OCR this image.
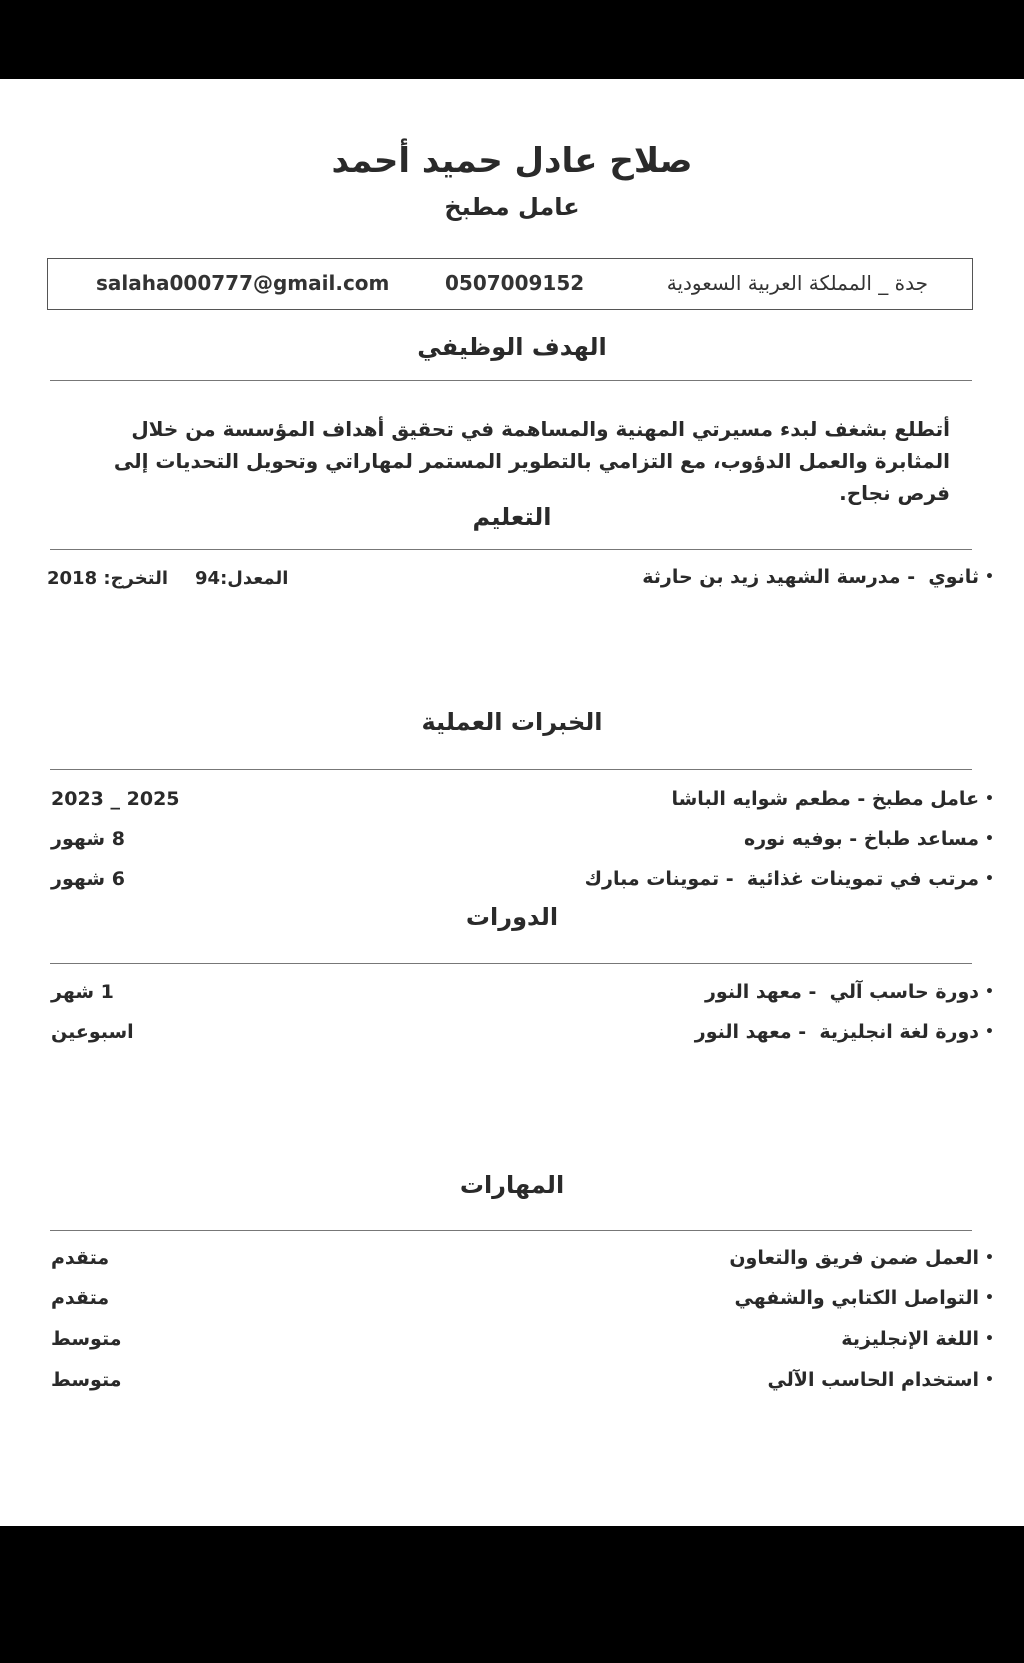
صلاح عادل حميد أحمد
عامل مطبخ
salaha000777@gmail.com	0507009152	جدة _ المملكة العربية السعودية
الهدف الوظيفي
أتطلع بشغف لبدء مسيرتي المهنية والمساهمة في تحقيق أهداف المؤسسة من خلال المثابرة والعمل الدؤوب، مع التزامي بالتطوير المستمر لمهاراتي وتحويل التحديات إلى فرص نجاح.
التعليم
•ثانوي  - مدرسة الشهيد زيد بن حارثة
المعدل:94
التخرج: 2018
الخبرات العملية
•عامل مطبخ - مطعم شوايه الباشا
2025 _ 2023
•مساعد طباخ - بوفيه نوره
8 شهور
•مرتب في تموينات غذائية  - تموينات مبارك
6 شهور
الدورات
•دورة حاسب آلي  - معهد النور
1 شهر
•دورة لغة انجليزية  - معهد النور
اسبوعين
المهارات
•العمل ضمن فريق والتعاون
متقدم
•التواصل الكتابي والشفهي
متقدم
•اللغة الإنجليزية
متوسط
•استخدام الحاسب الآلي
متوسط
